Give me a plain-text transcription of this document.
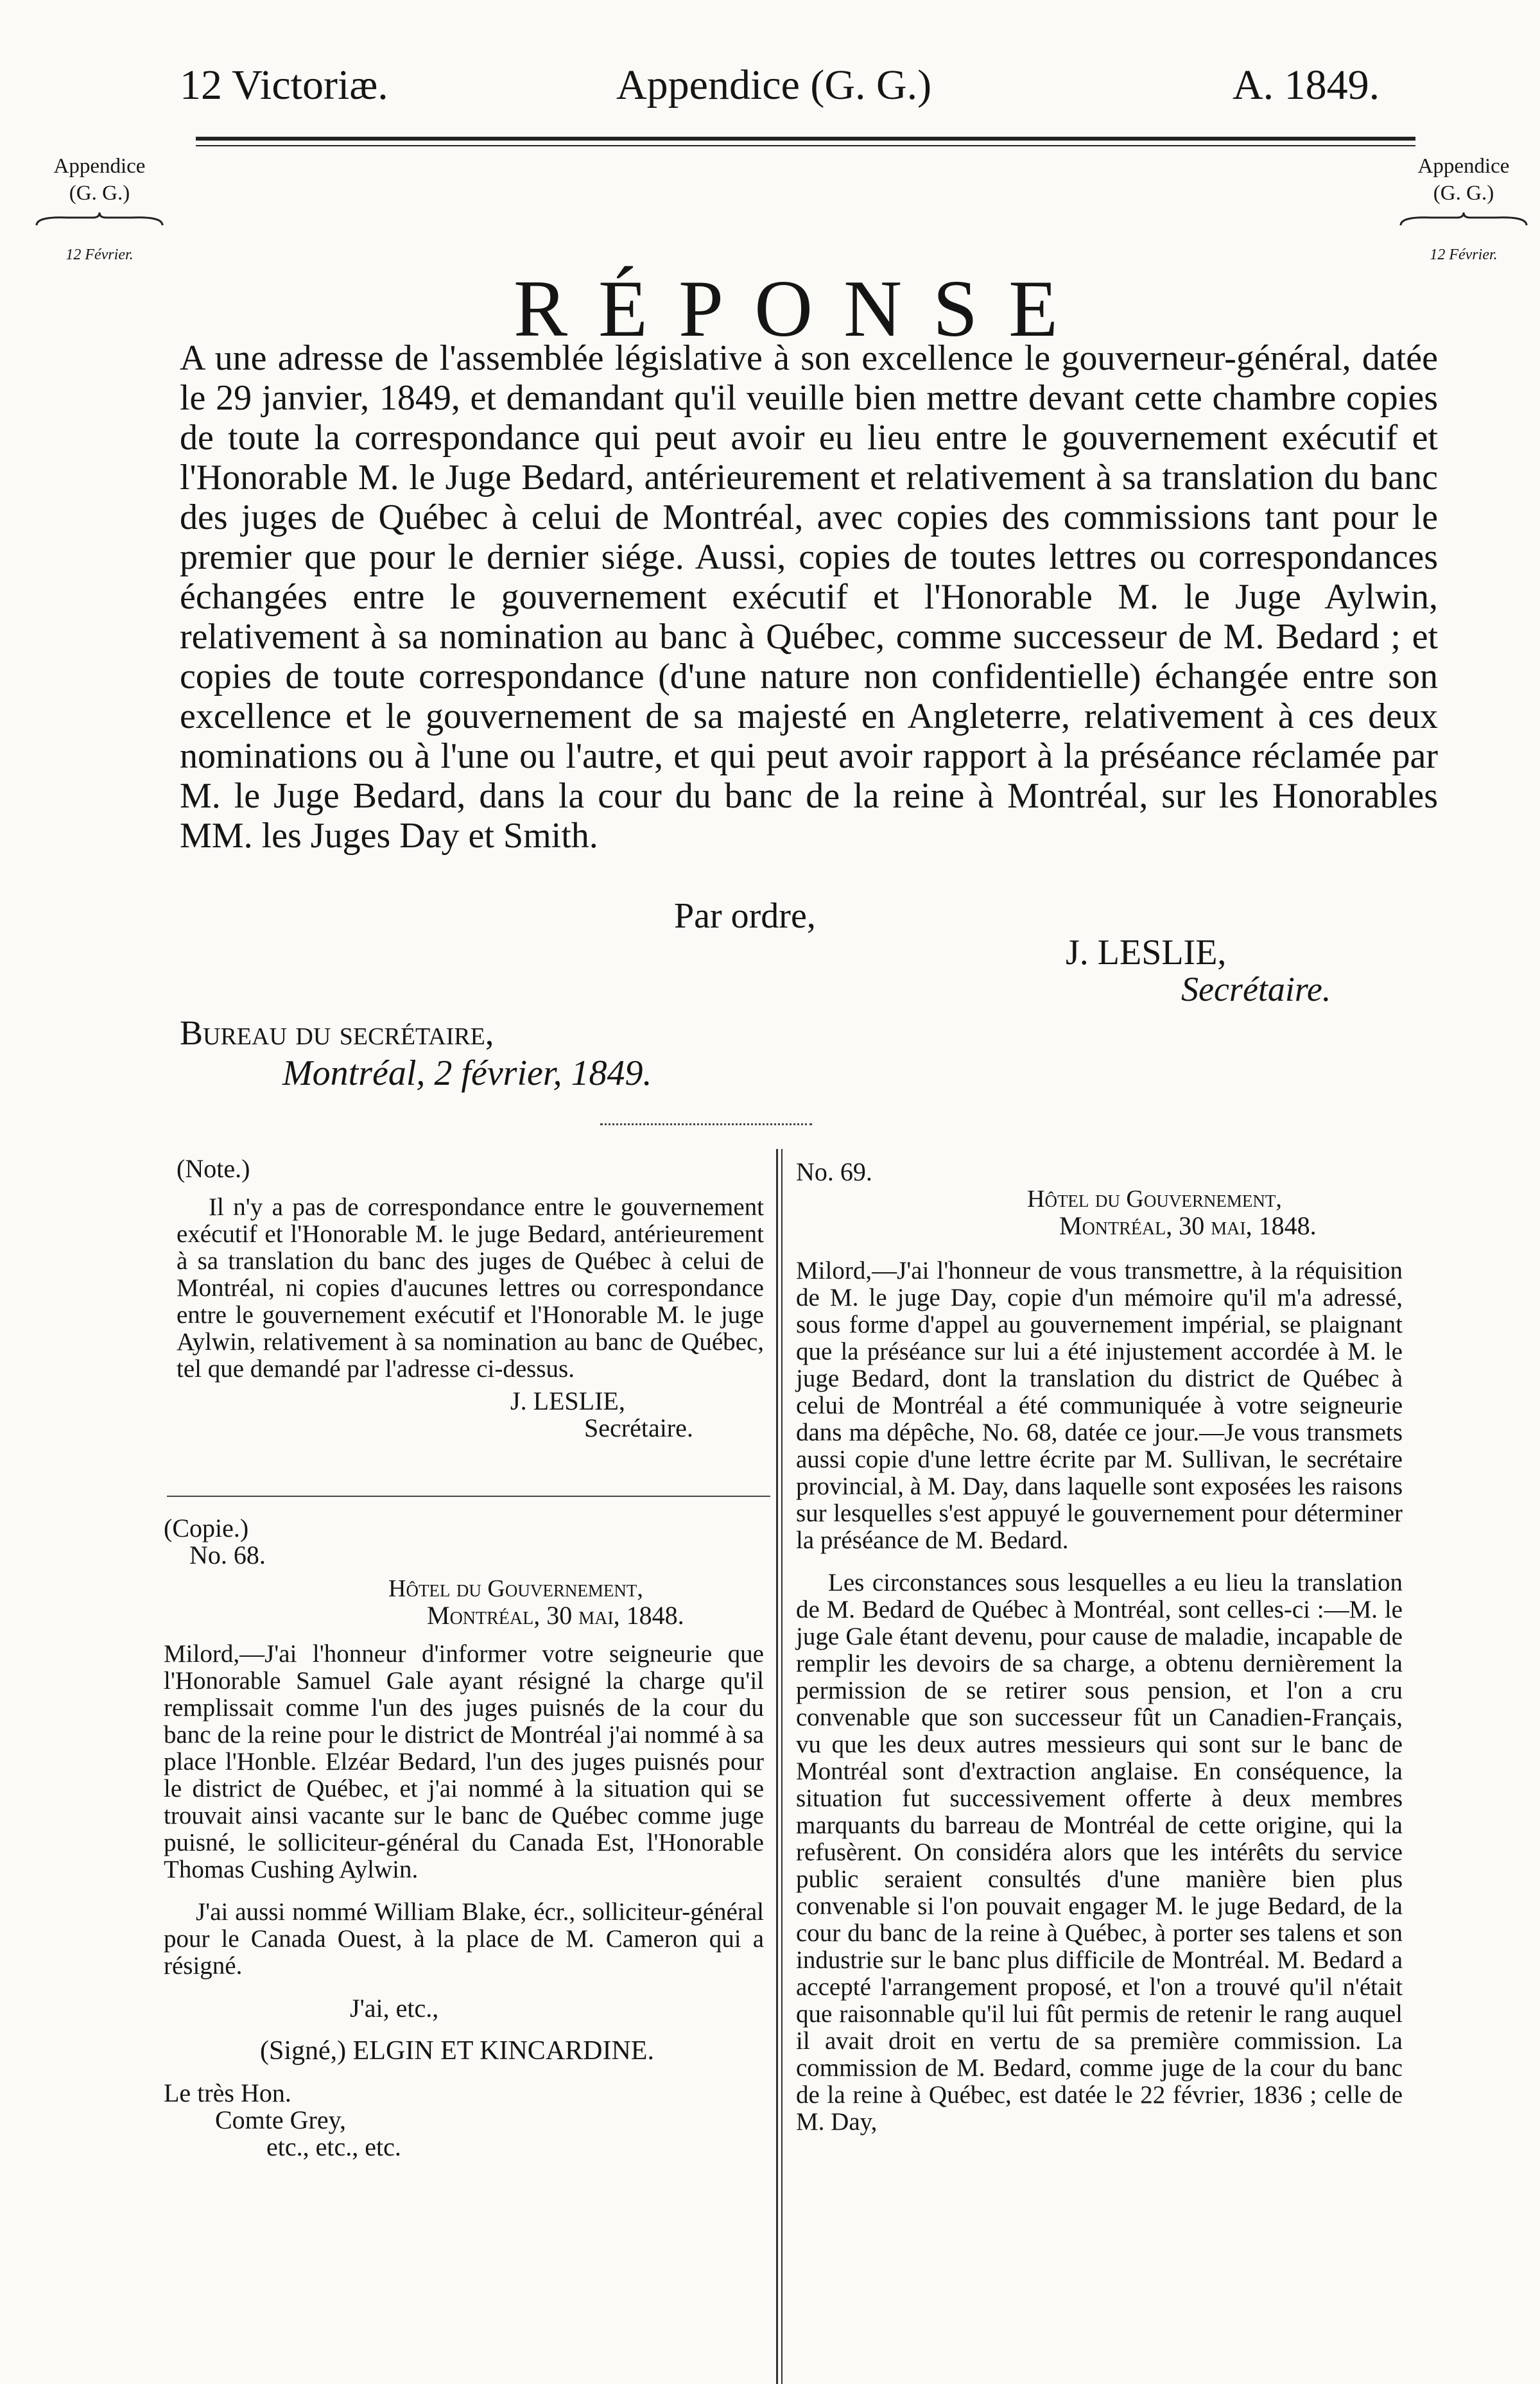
12 Victoriæ.	Appendice (G. G.)	A. 1849.
Appendice
(G. G.)
12 Février.
Appendice
(G. G.)
12 Février.
RÉPONSE

A une adresse de l'assemblée législative à son excellence le gouverneur-général, datée le 29 janvier, 1849, et demandant qu'il veuille bien mettre devant cette chambre copies de toute la correspondance qui peut avoir eu lieu entre le gouvernement exécutif et l'Honorable M. le Juge Bedard, antérieurement et relativement à sa translation du banc des juges de Québec à celui de Montréal, avec copies des commissions tant pour le premier que pour le dernier siége. Aussi, copies de toutes lettres ou correspondances échangées entre le gouvernement exécutif et l'Honorable M. le Juge Aylwin, relativement à sa nomination au banc à Québec, comme successeur de M. Bedard ; et copies de toute correspondance (d'une nature non confidentielle) échangée entre son excellence et le gouvernement de sa majesté en Angleterre, relativement à ces deux nominations ou à l'une ou l'autre, et qui peut avoir rapport à la préséance réclamée par M. le Juge Bedard, dans la cour du banc de la reine à Montréal, sur les Honorables MM. les Juges Day et Smith.

Par ordre,
J. LESLIE,
Secrétaire.
Bureau du secrétaire,
Montréal, 2 février, 1849.
(Note.)
Il n'y a pas de correspondance entre le gouvernement exécutif et l'Honorable M. le juge Bedard, antérieurement à sa translation du banc des juges de Québec à celui de Montréal, ni copies d'aucunes lettres ou correspondance entre le gouvernement exécutif et l'Honorable M. le juge Aylwin, relativement à sa nomination au banc de Québec, tel que demandé par l'adresse ci-dessus.
J. LESLIE,
Secrétaire.
(Copie.)
No. 68.
Hôtel du Gouvernement,
Montréal, 30 mai, 1848.
Milord,—J'ai l'honneur d'informer votre seigneurie que l'Honorable Samuel Gale ayant résigné la charge qu'il remplissait comme l'un des juges puisnés de la cour du banc de la reine pour le district de Montréal j'ai nommé à sa place l'Honble. Elzéar Bedard, l'un des juges puisnés pour le district de Québec, et j'ai nommé à la situation qui se trouvait ainsi vacante sur le banc de Québec comme juge puisné, le solliciteur-général du Canada Est, l'Honorable Thomas Cushing Aylwin.
J'ai aussi nommé William Blake, écr., solliciteur-général pour le Canada Ouest, à la place de M. Cameron qui a résigné.
J'ai, etc.,
(Signé,) ELGIN ET KINCARDINE.
Le très Hon.
Comte Grey,
etc., etc., etc.
No. 69.
Hôtel du Gouvernement,
Montréal, 30 mai, 1848.
Milord,—J'ai l'honneur de vous transmettre, à la réquisition de M. le juge Day, copie d'un mémoire qu'il m'a adressé, sous forme d'appel au gouvernement impérial, se plaignant que la préséance sur lui a été injustement accordée à M. le juge Bedard, dont la translation du district de Québec à celui de Montréal a été communiquée à votre seigneurie dans ma dépêche, No. 68, datée ce jour.—Je vous transmets aussi copie d'une lettre écrite par M. Sullivan, le secrétaire provincial, à M. Day, dans laquelle sont exposées les raisons sur lesquelles s'est appuyé le gouvernement pour déterminer la préséance de M. Bedard.
Les circonstances sous lesquelles a eu lieu la translation de M. Bedard de Québec à Montréal, sont celles-ci :—M. le juge Gale étant devenu, pour cause de maladie, incapable de remplir les devoirs de sa charge, a obtenu dernièrement la permission de se retirer sous pension, et l'on a cru convenable que son successeur fût un Canadien-Français, vu que les deux autres messieurs qui sont sur le banc de Montréal sont d'extraction anglaise. En conséquence, la situation fut successivement offerte à deux membres marquants du barreau de Montréal de cette origine, qui la refusèrent. On considéra alors que les intérêts du service public seraient consultés d'une manière bien plus convenable si l'on pouvait engager M. le juge Bedard, de la cour du banc de la reine à Québec, à porter ses talens et son industrie sur le banc plus difficile de Montréal. M. Bedard a accepté l'arrangement proposé, et l'on a trouvé qu'il n'était que raisonnable qu'il lui fût permis de retenir le rang auquel il avait droit en vertu de sa première commission. La commission de M. Bedard, comme juge de la cour du banc de la reine à Québec, est datée le 22 février, 1836 ; celle de M. Day,
